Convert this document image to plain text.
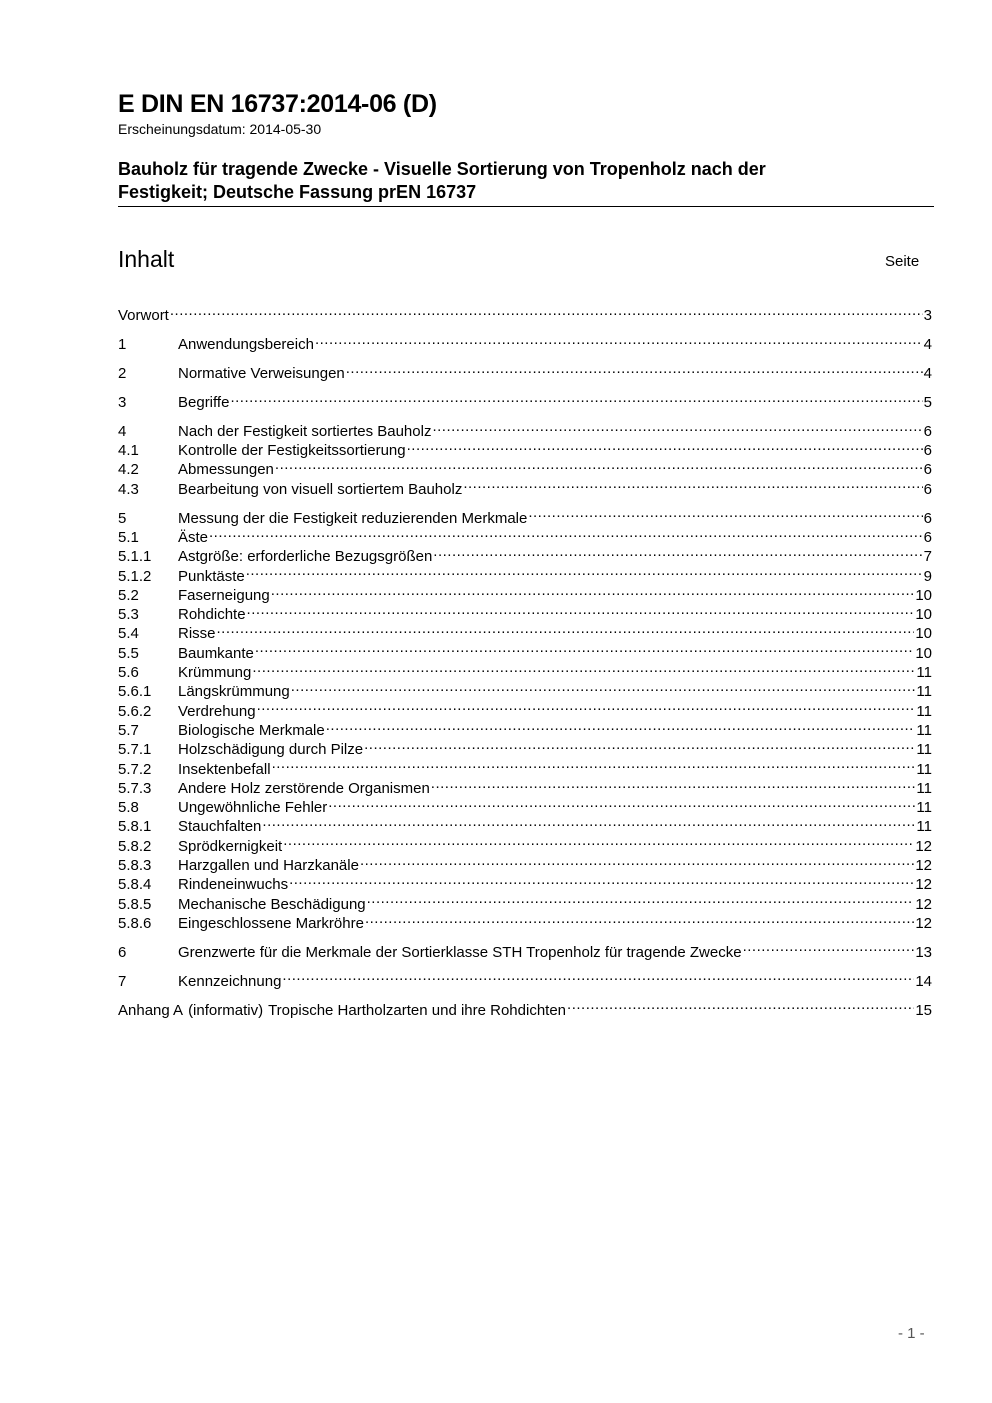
E DIN EN 16737:2014-06 (D)
Erscheinungsdatum: 2014-05-30
Bauholz für tragende Zwecke - Visuelle Sortierung von Tropenholz nach der
Festigkeit; Deutsche Fassung prEN 16737
Inhalt	Seite
Vorwort .....	3
1	Anwendungsbereich .....	4
2	Normative Verweisungen .....	4
3	Begriffe .....	5
4	Nach der Festigkeit sortiertes Bauholz .....	6
4.1	Kontrolle der Festigkeitssortierung .....	6
4.2	Abmessungen .....	6
4.3	Bearbeitung von visuell sortiertem Bauholz .....	6
5	Messung der die Festigkeit reduzierenden Merkmale .....	6
5.1	Äste .....	6
5.1.1	Astgröße: erforderliche Bezugsgrößen .....	7
5.1.2	Punktäste .....	9
5.2	Faserneigung .....	10
5.3	Rohdichte .....	10
5.4	Risse .....	10
5.5	Baumkante .....	10
5.6	Krümmung .....	11
5.6.1	Längskrümmung .....	11
5.6.2	Verdrehung .....	11
5.7	Biologische Merkmale .....	11
5.7.1	Holzschädigung durch Pilze .....	11
5.7.2	Insektenbefall .....	11
5.7.3	Andere Holz zerstörende Organismen .....	11
5.8	Ungewöhnliche Fehler .....	11
5.8.1	Stauchfalten .....	11
5.8.2	Sprödkernigkeit .....	12
5.8.3	Harzgallen und Harzkanäle .....	12
5.8.4	Rindeneinwuchs .....	12
5.8.5	Mechanische Beschädigung .....	12
5.8.6	Eingeschlossene Markröhre .....	12
6	Grenzwerte für die Merkmale der Sortierklasse STH Tropenholz für tragende Zwecke .....	13
7	Kennzeichnung .....	14
Anhang A (informativ) Tropische Hartholzarten und ihre Rohdichten .....	15
- 1 -
